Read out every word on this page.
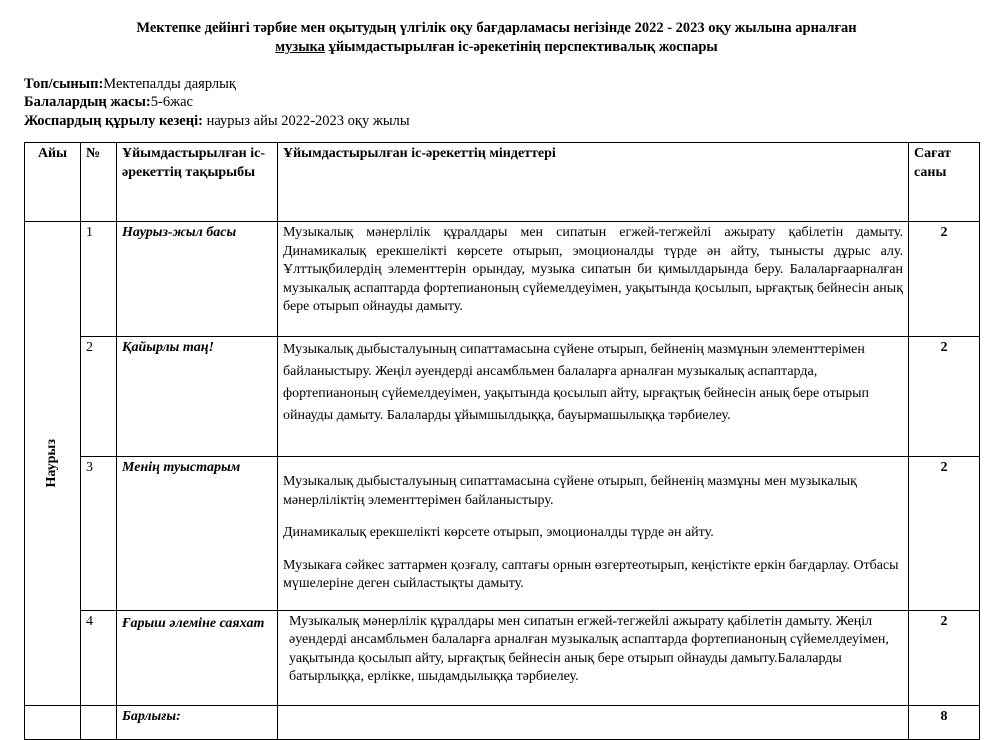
Мектепке дейінгі тәрбие мен оқытудың үлгілік оқу бағдарламасы негізінде 2022 - 2023 оқу жылына арналған
музыка ұйымдастырылған іс-әрекетінің перспективалық жоспары
Топ/сынып:Мектепалды даярлық
Балалардың жасы:5-6жас
Жоспардың құрылу кезеңі: наурыз айы 2022-2023 оқу жылы
Айы	№	Ұйымдастырылған іс-әрекеттің тақырыбы	Ұйымдастырылған іс-әрекеттің міндеттері	Сағат саны

Наурыз	1	Наурыз-жыл басы	Музыкалық мәнерлілік құралдары мен сипатын егжей-тегжейлі ажырату қабілетін дамыту. Динамикалық ерекшелікті көрсете отырып, эмоционалды түрде ән айту, тынысты дұрыс алу. Ұлттықбилердің элементтерін орындау, музыка сипатын би қимылдарында беру. Балаларғаарналған музыкалық аспаптарда фортепианоның сүйемелдеуімен, уақытында қосылып, ырғақтық бейнесін анық бере отырып ойнауды дамыту.	2
	2	Қайырлы таң!	Музыкалық дыбысталуының сипаттамасына сүйене отырып, бейненің мазмұнын элементтерімен байланыстыру. Жеңіл әуендерді ансамбльмен балаларға арналған музыкалық аспаптарда, фортепианоның сүйемелдеуімен, уақытында қосылып айту, ырғақтық бейнесін анық бере отырып ойнауды дамыту. Балаларды ұйымшылдыққа, бауырмашылыққа тәрбиелеу.	2
	3	Менің туыстарым	Музыкалық дыбысталуының сипаттамасына сүйене отырып, бейненің мазмұны мен музыкалық мәнерліліктің элементтерімен байланыстыру.

Динамикалық ерекшелікті көрсете отырып, эмоционалды түрде ән айту.

Музыкаға сәйкес заттармен қозғалу, саптағы орнын өзгертеотырып, кеңістікте еркін бағдарлау. Отбасы мүшелеріне деген сыйластықты дамыту.	2
	4	Ғарыш әлеміне саяхат	Музыкалық мәнерлілік құралдары мен сипатын егжей-тегжейлі ажырату қабілетін дамыту. Жеңіл әуендерді ансамбльмен балаларға арналған музыкалық аспаптарда фортепианоның сүйемелдеуімен, уақытында қосылып айту, ырғақтық бейнесін анық бере отырып ойнауды дамыту.Балаларды батырлыққа, ерлікке, шыдамдылыққа тәрбиелеу.	2
		Барлығы:		8
